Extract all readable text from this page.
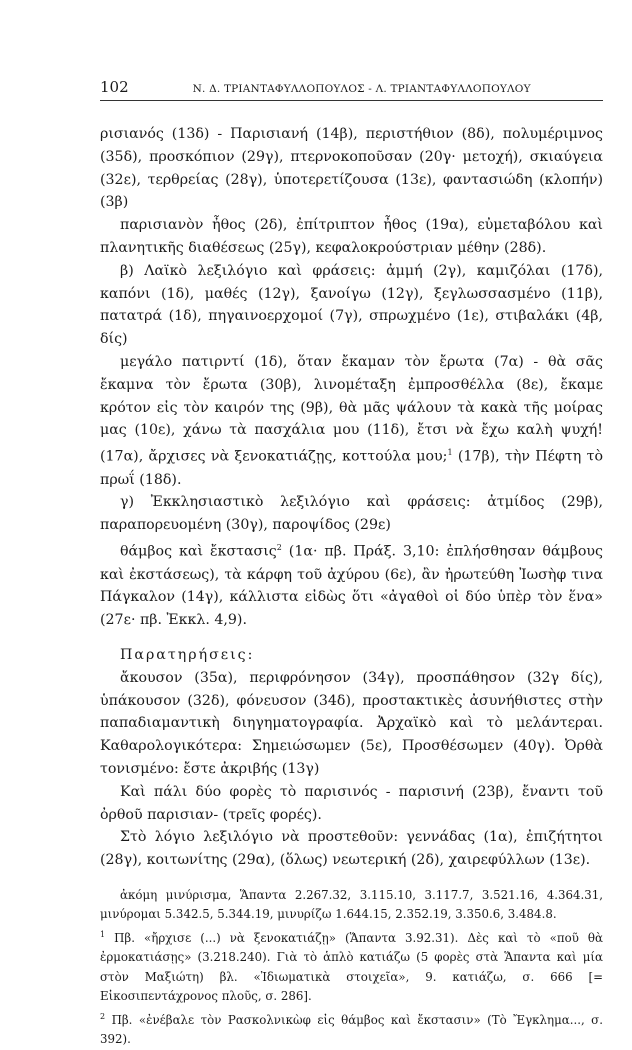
102	Ν. Δ. ΤΡΙΑΝΤΑΦΥΛΛΟΠΟΥΛΟΣ - Λ. ΤΡΙΑΝΤΑΦΥΛΛΟΠΟΥΛΟΥ

ρισιανός (13δ) - Παρισιανή (14β), περιστήθιον (8δ), πολυμέριμνος (35δ), προσκόπιον (29γ), πτερνοκοποῦσαν (20γ· μετοχή), σκιαύγεια (32ε), τερθρείας (28γ), ὑποτερετίζουσα (13ε), φαντασιώδη (κλοπήν) (3β)

παρισιανὸν ἦθος (2δ), ἐπίτριπτον ἦθος (19α), εὐμεταβόλου καὶ πλανητικῆς διαθέσεως (25γ), κεφαλοκρούστριαν μέθην (28δ).

β) Λαϊκὸ λεξιλόγιο καὶ φράσεις: ἀμμή (2γ), καμιζόλαι (17δ), καπόνι (1δ), μαθές (12γ), ξανοίγω (12γ), ξεγλωσσασμένο (11β), πατατρά (1δ), πηγαινοερχομοί (7γ), σπρωχμένο (1ε), στιβαλάκι (4β, δίς)

μεγάλο πατιρντί (1δ), ὅταν ἔκαμαν τὸν ἔρωτα (7α) - θὰ σᾶς ἔκαμνα τὸν ἔρωτα (30β), λινομέταξη ἐμπροσθέλλα (8ε), ἔκαμε κρότον εἰς τὸν καιρόν της (9β), θὰ μᾶς ψάλουν τὰ κακὰ τῆς μοίρας μας (10ε), χάνω τὰ πασχάλια μου (11δ), ἔτσι νὰ ἔχω καλὴ ψυχή! (17α), ἄρχισες νὰ ξενοκατιάζῃς, κοττούλα μου;$^1$ (17β), τὴν Πέφτη τὸ πρωΐ (18δ).

γ) Ἐκκλησιαστικὸ λεξιλόγιο καὶ φράσεις: ἀτμίδος (29β), παραπορευομένη (30γ), παροψίδος (29ε)

θάμβος καὶ ἔκστασις$^2$ (1α· πβ. Πράξ. 3,10: ἐπλήσθησαν θάμβους καὶ ἐκστάσεως), τὰ κάρφη τοῦ ἀχύρου (6ε), ἂν ἠρωτεύθη Ἰωσὴφ τινα Πάγκαλον (14γ), κάλλιστα εἰδὼς ὅτι «ἀγαθοὶ οἱ δύο ὑπὲρ τὸν ἕνα» (27ε· πβ. Ἐκκλ. 4,9).

Παρατηρήσεις:

ἄκουσον (35α), περιφρόνησον (34γ), προσπάθησον (32γ δίς), ὑπάκουσον (32δ), φόνευσον (34δ), προστακτικὲς ἀσυνήθιστες στὴν παπαδιαμαντικὴ διηγηματογραφία. Ἀρχαϊκὸ καὶ τὸ μελάντεραι. Καθαρολογικότερα: Σημειώσωμεν (5ε), Προσθέσωμεν (40γ). Ὀρθὰ τονισμένο: ἔστε ἀκριβής (13γ)

Καὶ πάλι δύο φορὲς τὸ παρισινός - παρισινή (23β), ἔναντι τοῦ ὀρθοῦ παρισιαν- (τρεῖς φορές).

Στὸ λόγιο λεξιλόγιο νὰ προστεθοῦν: γεννάδας (1α), ἐπιζήτητοι (28γ), κοιτωνίτης (29α), (ὅλως) νεωτερική (2δ), χαιρεφύλλων (13ε).

ἀκόμη μινύρισμα, Ἅπαντα 2.267.32, 3.115.10, 3.117.7, 3.521.16, 4.364.31, μινύρομαι 5.342.5, 5.344.19, μινυρίζω 1.644.15, 2.352.19, 3.350.6, 3.484.8.

$^1$ Πβ. «ἤρχισε (...) νὰ ξενοκατιάζῃ» (Ἅπαντα 3.92.31). Δὲς καὶ τὸ «ποῦ θὰ ἐρμοκατιάσῃς» (3.218.240). Γιὰ τὸ ἁπλὸ κατιάζω (5 φορὲς στὰ Ἅπαντα καὶ μία στὸν Μαξιώτη) βλ. «Ἰδιωματικὰ στοιχεῖα», 9. κατιάζω, σ. 666 [= Εἰκοσιπεντάχρονος πλοῦς, σ. 286].

$^2$ Πβ. «ἐνέβαλε τὸν Ρασκολνικὼφ εἰς θάμβος καὶ ἔκστασιν» (Τὸ Ἔγκλημα..., σ. 392).
